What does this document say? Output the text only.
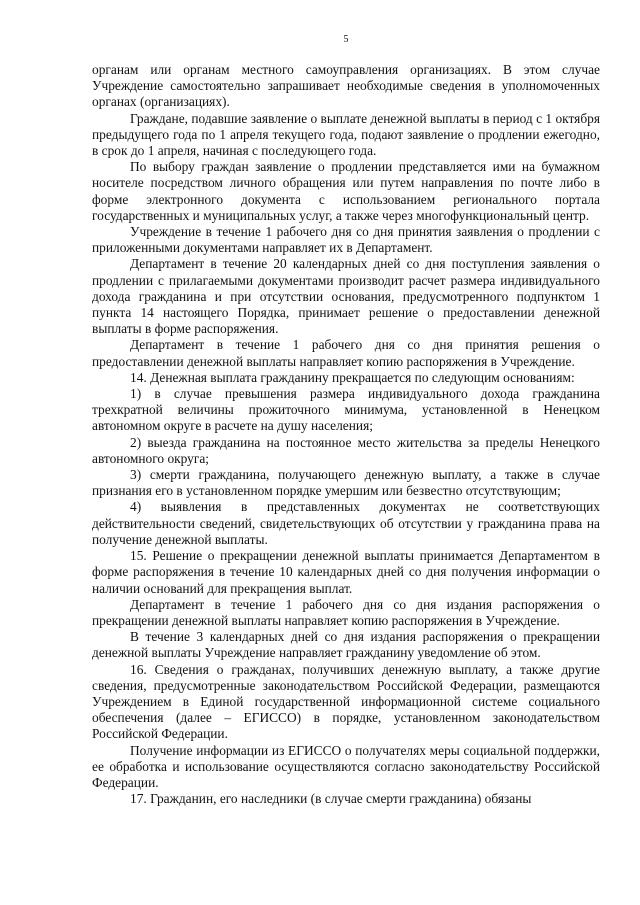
5

органам или органам местного самоуправления организациях. В этом случае Учреждение самостоятельно запрашивает необходимые сведения в уполномоченных органах (организациях).

Граждане, подавшие заявление о выплате денежной выплаты в период с 1 октября предыдущего года по 1 апреля текущего года, подают заявление о продлении ежегодно, в срок до 1 апреля, начиная с последующего года.

По выбору граждан заявление о продлении представляется ими на бумажном носителе посредством личного обращения или путем направления по почте либо в форме электронного документа с использованием регионального портала государственных и муниципальных услуг, а также через многофункциональный центр.

Учреждение в течение 1 рабочего дня со дня принятия заявления о продлении с приложенными документами направляет их в Департамент.

Департамент в течение 20 календарных дней со дня поступления заявления о продлении с прилагаемыми документами производит расчет размера индивидуального дохода гражданина и при отсутствии основания, предусмотренного подпунктом 1 пункта 14 настоящего Порядка, принимает решение о предоставлении денежной выплаты в форме распоряжения.

Департамент в течение 1 рабочего дня со дня принятия решения о предоставлении денежной выплаты направляет копию распоряжения в Учреждение.

14. Денежная выплата гражданину прекращается по следующим основаниям:

1) в случае превышения размера индивидуального дохода гражданина трехкратной величины прожиточного минимума, установленной в Ненецком автономном округе в расчете на душу населения;

2) выезда гражданина на постоянное место жительства за пределы Ненецкого автономного округа;

3) смерти гражданина, получающего денежную выплату, а также в случае признания его в установленном порядке умершим или безвестно отсутствующим;

4) выявления в представленных документах не соответствующих действительности сведений, свидетельствующих об отсутствии у гражданина права на получение денежной выплаты.

15. Решение о прекращении денежной выплаты принимается Департаментом в форме распоряжения в течение 10 календарных дней со дня получения информации о наличии оснований для прекращения выплат.

Департамент в течение 1 рабочего дня со дня издания распоряжения о прекращении денежной выплаты направляет копию распоряжения в Учреждение.

В течение 3 календарных дней со дня издания распоряжения о прекращении денежной выплаты Учреждение направляет гражданину уведомление об этом.

16. Сведения о гражданах, получивших денежную выплату, а также другие сведения, предусмотренные законодательством Российской Федерации, размещаются Учреждением в Единой государственной информационной системе социального обеспечения (далее – ЕГИССО) в порядке, установленном законодательством Российской Федерации.

Получение информации из ЕГИССО о получателях меры социальной поддержки, ее обработка и использование осуществляются согласно законодательству Российской Федерации.

17. Гражданин, его наследники (в случае смерти гражданина) обязаны
